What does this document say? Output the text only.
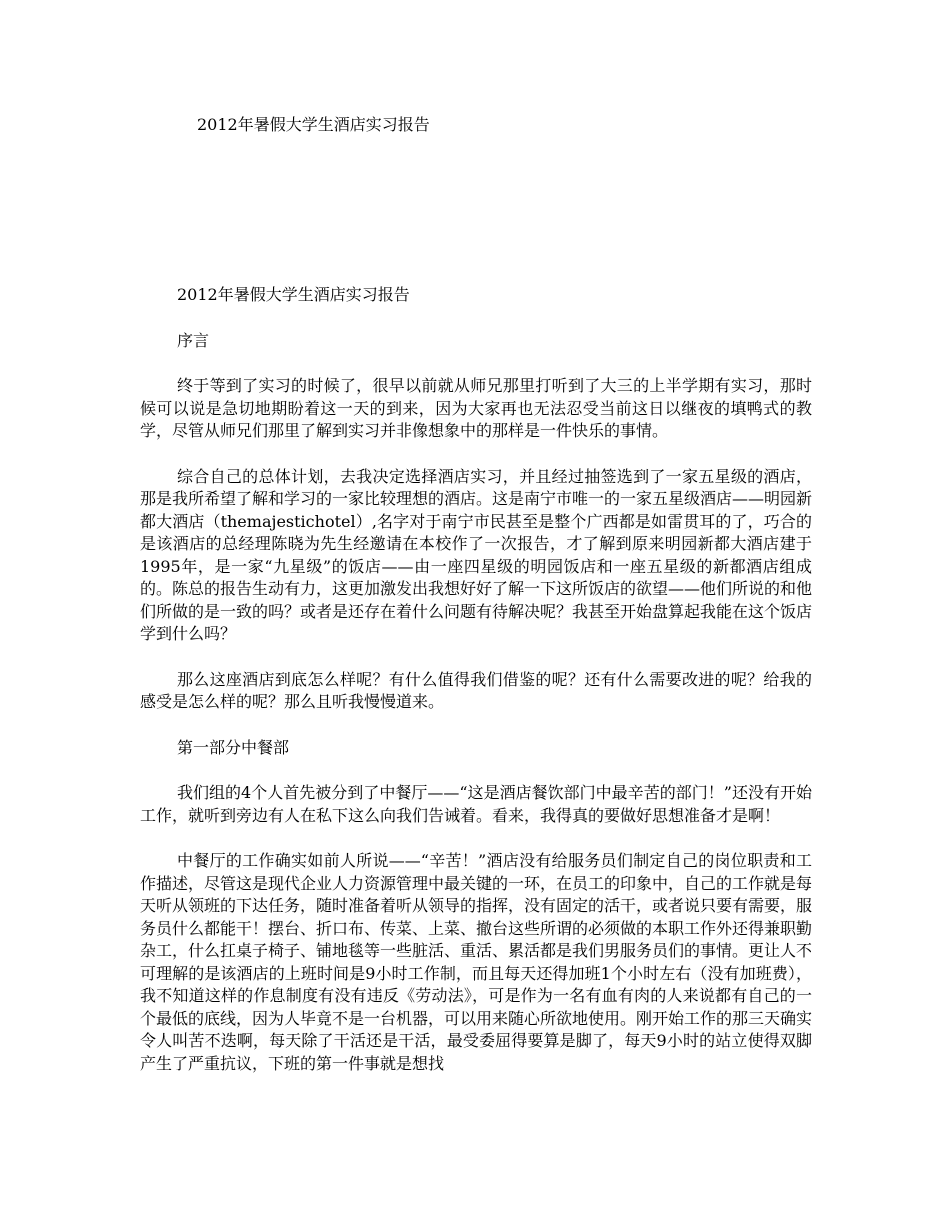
2012年暑假大学生酒店实习报告

2012年暑假大学生酒店实习报告

序言

终于等到了实习的时候了，很早以前就从师兄那里打听到了大三的上半学期有实习，那时候可以说是急切地期盼着这一天的到来，因为大家再也无法忍受当前这日以继夜的填鸭式的教学，尽管从师兄们那里了解到实习并非像想象中的那样是一件快乐的事情。

综合自己的总体计划，去我决定选择酒店实习，并且经过抽签选到了一家五星级的酒店，那是我所希望了解和学习的一家比较理想的酒店。这是南宁市唯一的一家五星级酒店——明园新都大酒店（themajestichotel）,名字对于南宁市民甚至是整个广西都是如雷贯耳的了，巧合的是该酒店的总经理陈晓为先生经邀请在本校作了一次报告，才了解到原来明园新都大酒店建于1995年，是一家“九星级”的饭店——由一座四星级的明园饭店和一座五星级的新都酒店组成的。陈总的报告生动有力，这更加激发出我想好好了解一下这所饭店的欲望——他们所说的和他们所做的是一致的吗？或者是还存在着什么问题有待解决呢？我甚至开始盘算起我能在这个饭店学到什么吗？

那么这座酒店到底怎么样呢？有什么值得我们借鉴的呢？还有什么需要改进的呢？给我的感受是怎么样的呢？那么且听我慢慢道来。

第一部分中餐部

我们组的4个人首先被分到了中餐厅——“这是酒店餐饮部门中最辛苦的部门！”还没有开始工作，就听到旁边有人在私下这么向我们告诫着。看来，我得真的要做好思想准备才是啊！

中餐厅的工作确实如前人所说——“辛苦！”酒店没有给服务员们制定自己的岗位职责和工作描述，尽管这是现代企业人力资源管理中最关键的一环，在员工的印象中，自己的工作就是每天听从领班的下达任务，随时准备着听从领导的指挥，没有固定的活干，或者说只要有需要，服务员什么都能干！摆台、折口布、传菜、上菜、撤台这些所谓的必须做的本职工作外还得兼职勤杂工，什么扛桌子椅子、铺地毯等一些脏活、重活、累活都是我们男服务员们的事情。更让人不可理解的是该酒店的上班时间是9小时工作制，而且每天还得加班1个小时左右（没有加班费），我不知道这样的作息制度有没有违反《劳动法》，可是作为一名有血有肉的人来说都有自己的一个最低的底线，因为人毕竟不是一台机器，可以用来随心所欲地使用。刚开始工作的那三天确实令人叫苦不迭啊，每天除了干活还是干活，最受委屈得要算是脚了，每天9小时的站立使得双脚产生了严重抗议，下班的第一件事就是想找
